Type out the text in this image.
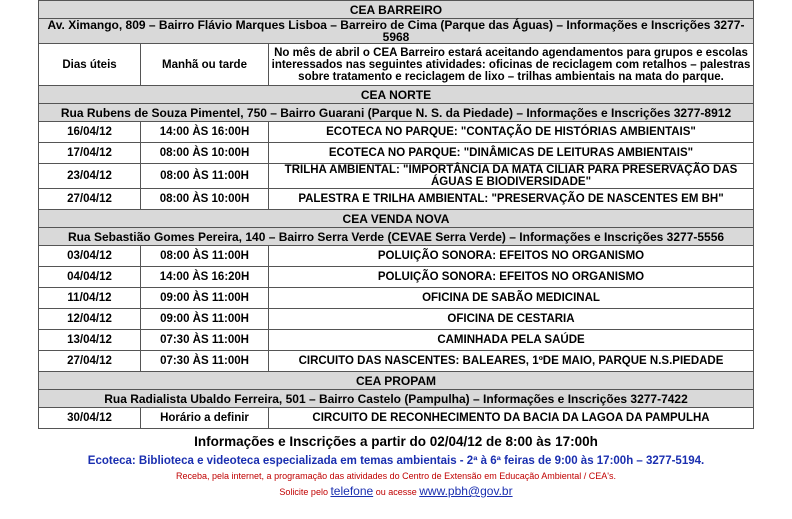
CEA BARREIRO		
Av. Ximango, 809 – Bairro Flávio Marques Lisboa – Barreiro de Cima (Parque das Águas) – Informações e Inscrições 3277-5968		
Dias úteis	Manhã ou tarde	No mês de abril o CEA Barreiro estará aceitando agendamentos para grupos e escolas interessados nas seguintes atividades: oficinas de reciclagem com retalhos – palestras sobre tratamento e reciclagem de lixo – trilhas ambientais na mata do parque.
CEA NORTE		
Rua Rubens de Souza Pimentel, 750 – Bairro Guarani (Parque N. S. da Piedade) – Informações e Inscrições 3277-8912		
16/04/12	14:00 ÀS 16:00H	ECOTECA NO PARQUE: "CONTAÇÃO DE HISTÓRIAS AMBIENTAIS"
17/04/12	08:00 ÀS 10:00H	ECOTECA NO PARQUE: "DINÂMICAS DE LEITURAS AMBIENTAIS"
23/04/12	08:00 ÀS 11:00H	TRILHA AMBIENTAL: "IMPORTÂNCIA DA MATA CILIAR PARA PRESERVAÇÃO DAS ÁGUAS E BIODIVERSIDADE"
27/04/12	08:00 ÀS 10:00H	PALESTRA E TRILHA AMBIENTAL: "PRESERVAÇÃO DE NASCENTES EM BH"
CEA VENDA NOVA		
Rua Sebastião Gomes Pereira, 140 – Bairro Serra Verde (CEVAE Serra Verde) – Informações e Inscrições 3277-5556		
03/04/12	08:00 ÀS 11:00H	POLUIÇÃO SONORA: EFEITOS NO ORGANISMO
04/04/12	14:00 ÀS 16:20H	POLUIÇÃO SONORA: EFEITOS NO ORGANISMO
11/04/12	09:00 ÀS 11:00H	OFICINA DE SABÃO MEDICINAL
12/04/12	09:00 ÀS 11:00H	OFICINA DE CESTARIA
13/04/12	07:30 ÀS 11:00H	CAMINHADA PELA SAÚDE
27/04/12	07:30 ÀS 11:00H	CIRCUITO DAS NASCENTES: BALEARES, 1ºDE MAIO, PARQUE N.S.PIEDADE
CEA PROPAM		
Rua Radialista Ubaldo Ferreira, 501 – Bairro Castelo (Pampulha) – Informações e Inscrições 3277-7422		
30/04/12	Horário a definir	CIRCUITO DE RECONHECIMENTO DA BACIA DA LAGOA DA PAMPULHA
Informações e Inscrições a partir do 02/04/12 de 8:00 às 17:00h
Ecoteca: Biblioteca e videoteca especializada em temas ambientais - 2ª à 6ª feiras de 9:00 às 17:00h – 3277-5194.
Receba, pela internet, a programação das atividades do Centro de Extensão em Educação Ambiental / CEA's.
Solicite pelo telefone ou acesse www.pbh@gov.br
